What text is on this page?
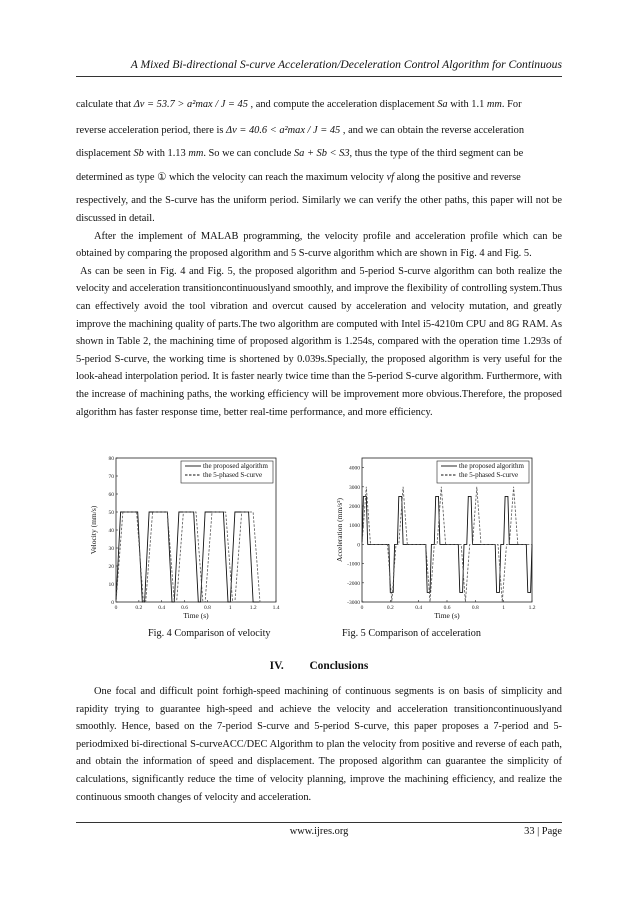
A Mixed Bi-directional S-curve Acceleration/Deceleration Control Algorithm for Continuous

calculate that Δv = 53.7 > a²max / J = 45 , and compute the acceleration displacement Sa with 1.1 mm. For

reverse acceleration period, there is Δv = 40.6 < a²max / J = 45 , and we can obtain the reverse acceleration

displacement Sb with 1.13 mm. So we can conclude Sa + Sb < S3, thus the type of the third segment can be

determined as type ① which the velocity can reach the maximum velocity vf along the positive and reverse

respectively, and the S-curve has the uniform period. Similarly we can verify the other paths, this paper will not be discussed in detail.

After the implement of MALAB programming, the velocity profile and acceleration profile which can be obtained by comparing the proposed algorithm and 5 S-curve algorithm which are shown in Fig. 4 and Fig. 5.

As can be seen in Fig. 4 and Fig. 5, the proposed algorithm and 5-period S-curve algorithm can both realize the velocity and acceleration transitioncontinuouslyand smoothly, and improve the flexibility of controlling system.Thus can effectively avoid the tool vibration and overcut caused by acceleration and velocity mutation, and greatly improve the machining quality of parts.The two algorithm are computed with Intel i5-4210m CPU and 8G RAM. As shown in Table 2, the machining time of proposed algorithm is 1.254s, compared with the operation time 1.293s of 5-period S-curve, the working time is shortened by 0.039s.Specially, the proposed algorithm is very useful for the look-ahead interpolation period. It is faster nearly twice time than the 5-period S-curve algorithm. Furthermore, with the increase of machining paths, the working efficiency will be improvement more obvious.Therefore, the proposed algorithm has faster response time, better real-time performance, and more efficiency.

0	0.2	0.4	0.6	0.8	1	1.2	1.4
0
10
20
30
40
50
60
70
80
the proposed algorithm
the 5-phased S-curve
Time (s)
Velocity (mm/s)
0	0.2	0.4	0.6	0.8	1	1.2
-3000
-2000
-1000
0
1000
2000
3000
4000	the proposed algorithm
the 5-phased S-curve
Time (s)
Acceleration (mm/s²)
Fig. 4 Comparison of velocity	Fig. 5 Comparison of acceleration
IV. Conclusions

One focal and difficult point forhigh-speed machining of continuous segments is on basis of simplicity and rapidity trying to guarantee high-speed and achieve the velocity and acceleration transitioncontinuouslyand smoothly. Hence, based on the 7-period S-curve and 5-period S-curve, this paper proposes a 7-period and 5-periodmixed bi-directional S-curveACC/DEC Algorithm to plan the velocity from positive and reverse of each path, and obtain the information of speed and displacement. The proposed algorithm can guarantee the simplicity of calculations, significantly reduce the time of velocity planning, improve the machining efficiency, and realize the continuous smooth changes of velocity and acceleration.

www.ijres.org	33 | Page
